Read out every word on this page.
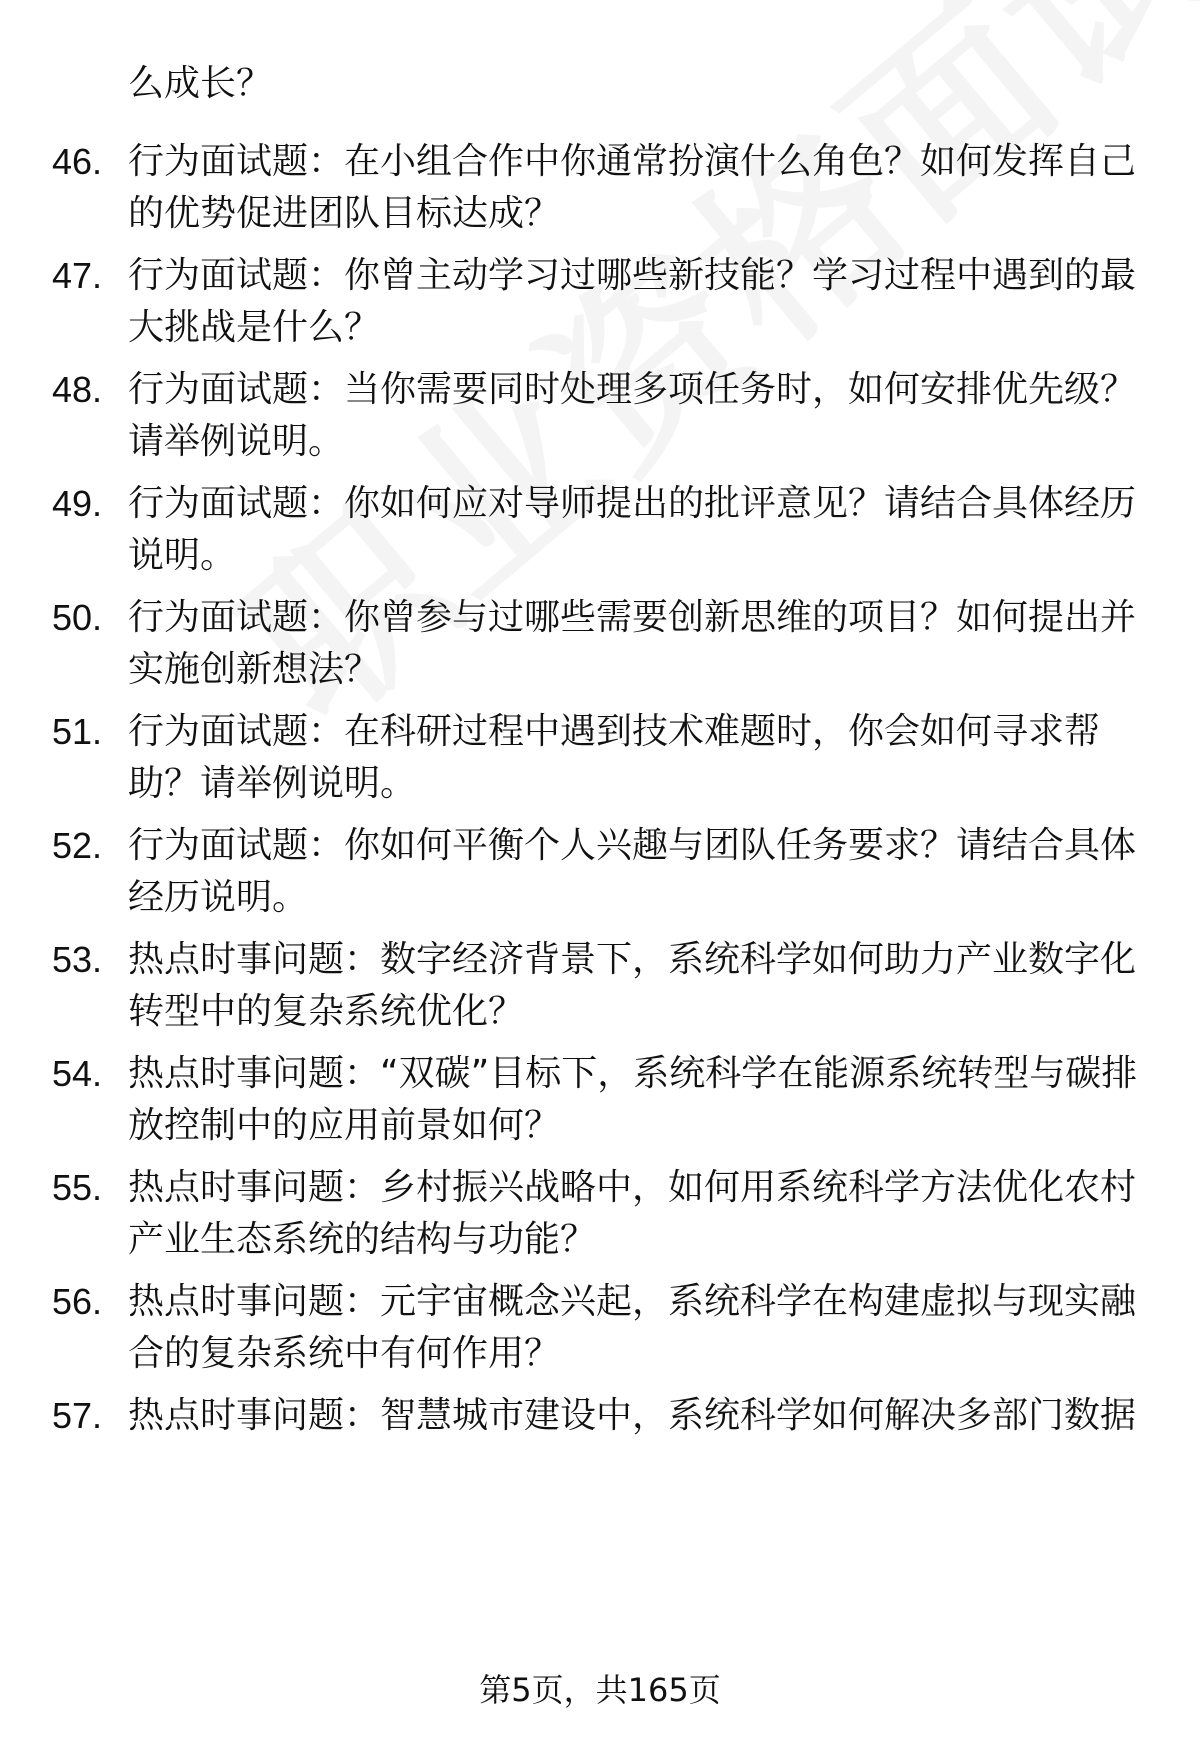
么成长？
46. 行为面试题：在小组合作中你通常扮演什么角色？如何发挥自己的优势促进团队目标达成？
47. 行为面试题：你曾主动学习过哪些新技能？学习过程中遇到的最大挑战是什么？
48. 行为面试题：当你需要同时处理多项任务时，如何安排优先级？请举例说明。
49. 行为面试题：你如何应对导师提出的批评意见？请结合具体经历说明。
50. 行为面试题：你曾参与过哪些需要创新思维的项目？如何提出并实施创新想法？
51. 行为面试题：在科研过程中遇到技术难题时，你会如何寻求帮助？请举例说明。
52. 行为面试题：你如何平衡个人兴趣与团队任务要求？请结合具体经历说明。
53. 热点时事问题：数字经济背景下，系统科学如何助力产业数字化转型中的复杂系统优化？
54. 热点时事问题：“双碳”目标下，系统科学在能源系统转型与碳排放控制中的应用前景如何？
55. 热点时事问题：乡村振兴战略中，如何用系统科学方法优化农村产业生态系统的结构与功能？
56. 热点时事问题：元宇宙概念兴起，系统科学在构建虚拟与现实融合的复杂系统中有何作用？
57. 热点时事问题：智慧城市建设中，系统科学如何解决多部门数据
第5页，共165页
